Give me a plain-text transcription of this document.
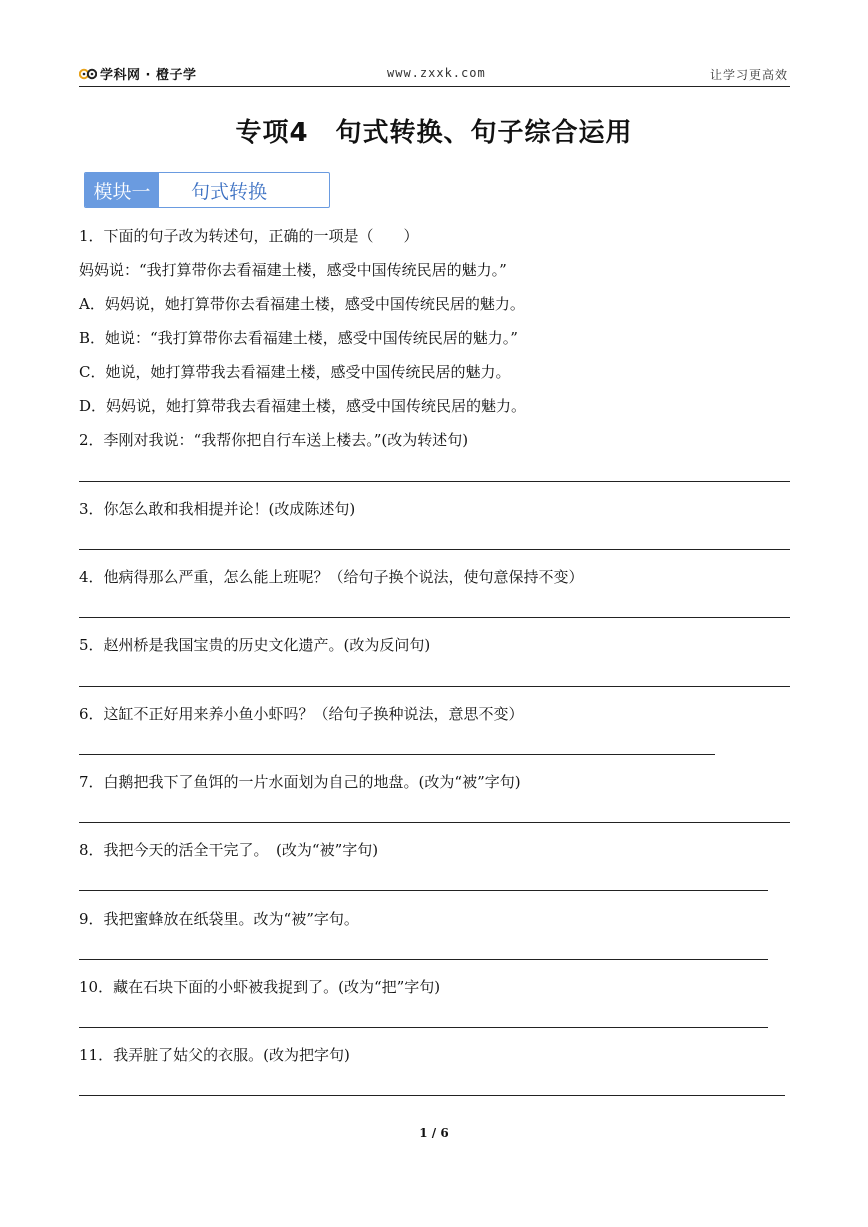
学科网 · 橙子学	www.zxxk.com	让学习更高效
专项4　句式转换、句子综合运用
模块一	句式转换
1．下面的句子改为转述句，正确的一项是（　　）
妈妈说：“我打算带你去看福建土楼，感受中国传统民居的魅力。”
A．妈妈说，她打算带你去看福建土楼，感受中国传统民居的魅力。
B．她说：“我打算带你去看福建土楼，感受中国传统民居的魅力。”
C．她说，她打算带我去看福建土楼，感受中国传统民居的魅力。
D．妈妈说，她打算带我去看福建土楼，感受中国传统民居的魅力。
2．李刚对我说：“我帮你把自行车送上楼去。”(改为转述句)
3．你怎么敢和我相提并论！(改成陈述句)
4．他病得那么严重，怎么能上班呢？（给句子换个说法，使句意保持不变）
5．赵州桥是我国宝贵的历史文化遗产。(改为反问句)
6．这缸不正好用来养小鱼小虾吗？（给句子换种说法，意思不变）
7．白鹅把我下了鱼饵的一片水面划为自己的地盘。(改为“被”字句)
8．我把今天的活全干完了。　(改为“被”字句)
9．我把蜜蜂放在纸袋里。改为“被”字句。
10．藏在石块下面的小虾被我捉到了。(改为“把”字句)
11．我弄脏了姑父的衣服。(改为把字句)
1 / 6
